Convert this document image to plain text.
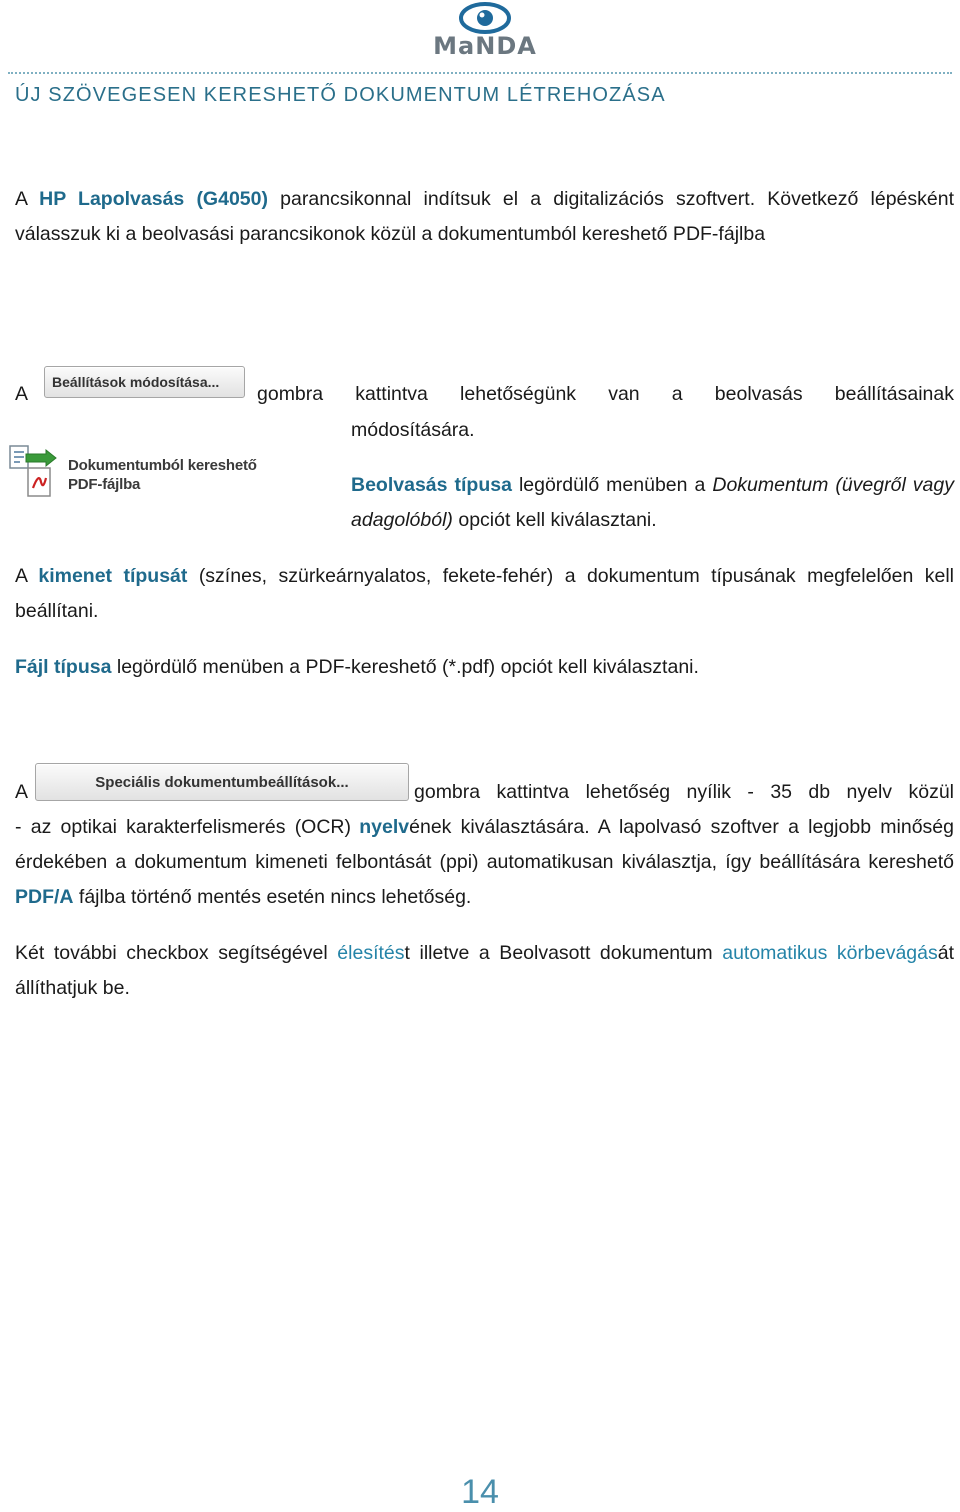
MaNDA
ÚJ SZÖVEGESEN KERESHETŐ DOKUMENTUM LÉTREHOZÁSA
A HP Lapolvasás (G4050) parancsikonnal indítsuk el a digitalizációs szoftvert. Következő lépésként válasszuk ki a beolvasási parancsikonok közül a dokumentumból kereshető PDF-fájlba
A
Beállítások módosítása...
gombra kattintva lehetőségünk van a beolvasás beállításainak
módosítására.
Dokumentumból kereshető
PDF-fájlba	Beolvasás típusa legördülő menüben a Dokumentum (üvegről vagy adagolóból) opciót kell kiválasztani.
A kimenet típusát (színes, szürkeárnyalatos, fekete-fehér) a dokumentum típusának megfelelően kell beállítani.
Fájl típusa legördülő menüben a PDF-kereshető (*.pdf) opciót kell kiválasztani.
A	Speciális dokumentumbeállítások...	gombra kattintva lehetőség nyílik - 35 db nyelv közül
- az optikai karakterfelismerés (OCR) nyelvének kiválasztására. A lapolvasó szoftver a legjobb minőség érdekében a dokumentum kimeneti felbontását (ppi) automatikusan kiválasztja, így beállítására kereshető PDF/A fájlba történő mentés esetén nincs lehetőség.
Két további checkbox segítségével élesítést illetve a Beolvasott dokumentum automatikus körbevágását állíthatjuk be.
14
